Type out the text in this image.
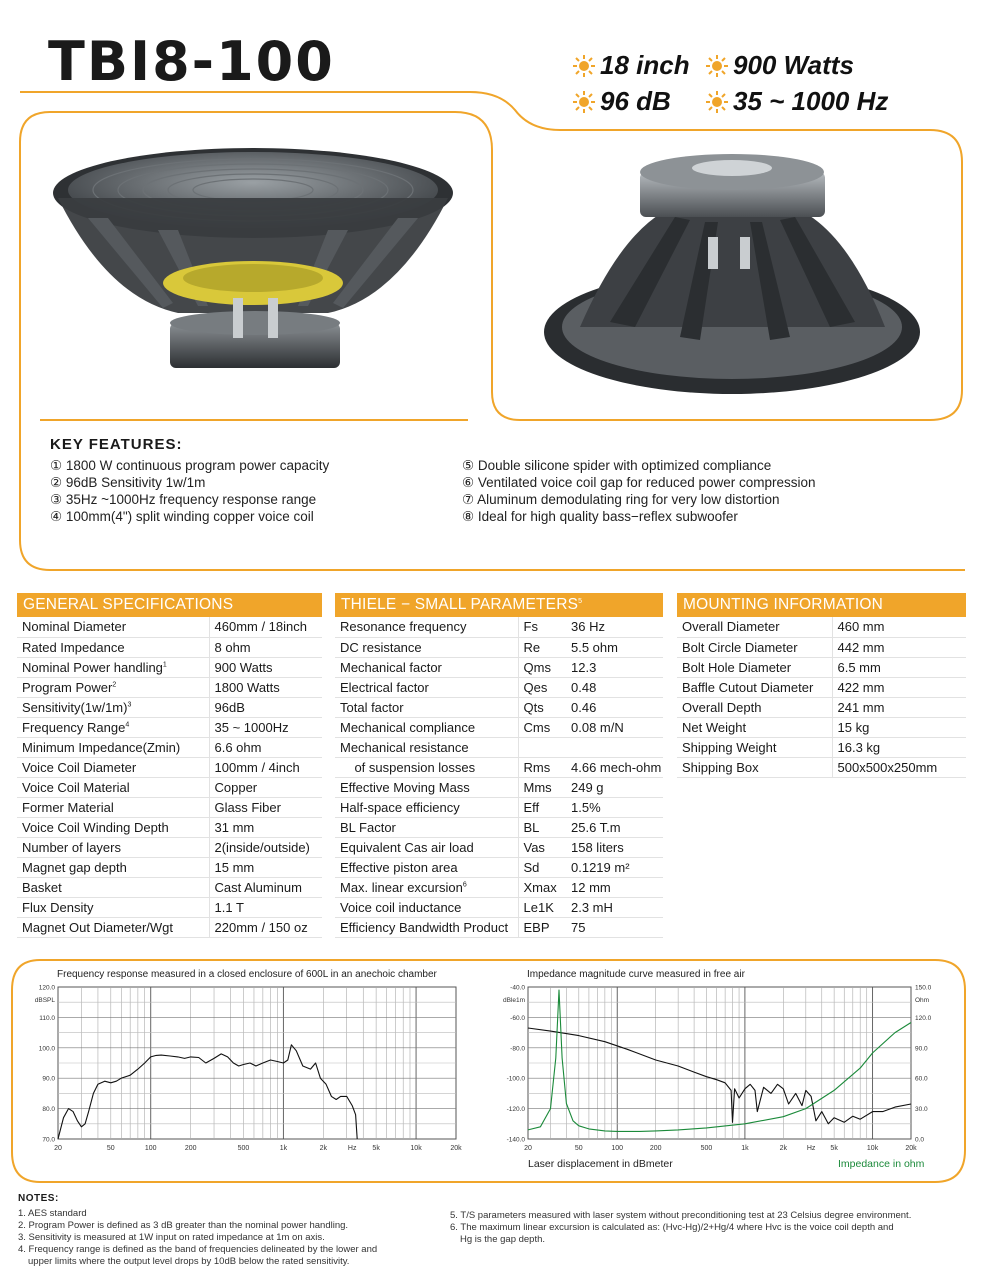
TBI8-100	18 inch 900 Watts
96 dB 35 ~ 1000 Hz
KEY FEATURES:
① 1800 W continuous program power capacity
② 96dB Sensitivity 1w/1m
③ 35Hz ~1000Hz frequency response range
④ 100mm(4") split winding copper voice coil
⑤ Double silicone spider with optimized compliance
⑥ Ventilated voice coil gap for reduced power compression
⑦ Aluminum demodulating ring for very low distortion
⑧ Ideal for high quality bass−reflex subwoofer
GENERAL SPECIFICATIONS
Nominal Diameter	460mm / 18inch
Rated Impedance	8 ohm
Nominal Power handling$^1$	900 Watts
Program Power$^2$	1800 Watts
$Sensitivity(1w/1m)^3$	96dB
Frequency Range$^4$	35 ~ 1000Hz
Minimum Impedance(Zmin)	6.6 ohm
Voice Coil Diameter	100mm / 4inch
Voice Coil Material	Copper
Former Material	Glass Fiber
Voice Coil Winding Depth	31 mm
Number of layers	2(inside/outside)
Magnet gap depth	15 mm
Basket	Cast Aluminum
Flux Density	1.1 T
Magnet Out Diameter/Wgt	220mm / 150 oz
THIELE − SMALL PARAMETERS$^5$
Resonance frequency	Fs	36 Hz
DC resistance	Re	5.5 ohm
Mechanical factor	Qms	12.3
Electrical factor	Qes	0.48
Total factor	Qts	0.46
Mechanical compliance	Cms	0.08 m/N
Mechanical resistance		
of suspension losses	Rms	4.66 mech-ohm
Effective Moving Mass	Mms	249 g
Half-space efficiency	Eff	1.5%
BL Factor	BL	25.6 T.m
Equivalent Cas air load	Vas	158 liters
Effective piston area	Sd	0.1219 m²
Max. linear excursion$^6$	Xmax	12 mm
Voice coil inductance	Le1K	2.3 mH
Efficiency Bandwidth Product	EBP	75
MOUNTING INFORMATION
Overall Diameter	460 mm
Bolt Circle Diameter	442 mm
Bolt Hole Diameter	6.5 mm
Baffle Cutout Diameter	422 mm
Overall Depth	241 mm
Net Weight	15 kg
Shipping Weight	16.3 kg
Shipping Box	500x500x250mm
Frequency response measured in a closed enclosure of 600L in an anechoic chamber
20	50	100	200	500	1k	2k	Hz 5k	10k	20k
70.0
80.0
90.0
100.0
110.0
120.0
dBSPL
Impedance magnitude curve measured in free air
20	50	100	200	500	1k	2k	Hz 5k	10k	20k
-140.0
-120.0
-100.0
-80.0
-60.0
-40.0
dBle1m
0.0
30.0
60.0
90.0
120.0
150.0
Ohm
Laser displacement in dBmeter	Impedance in ohm
NOTES:
1. AES standard
2. Program Power is defined as 3 dB greater than the nominal power handling.
3. Sensitivity is measured at 1W input on rated impedance at 1m on axis.
4. Frequency range is defined as the band of frequencies delineated by the lower and
upper limits where the output level drops by 10dB below the rated sensitivity.
5. T/S parameters measured with laser system without preconditioning test at 23 Celsius degree environment.
6. The maximum linear excursion is calculated as: (Hvc-Hg)/2+Hg/4 where Hvc is the voice coil depth and
Hg is the gap depth.
